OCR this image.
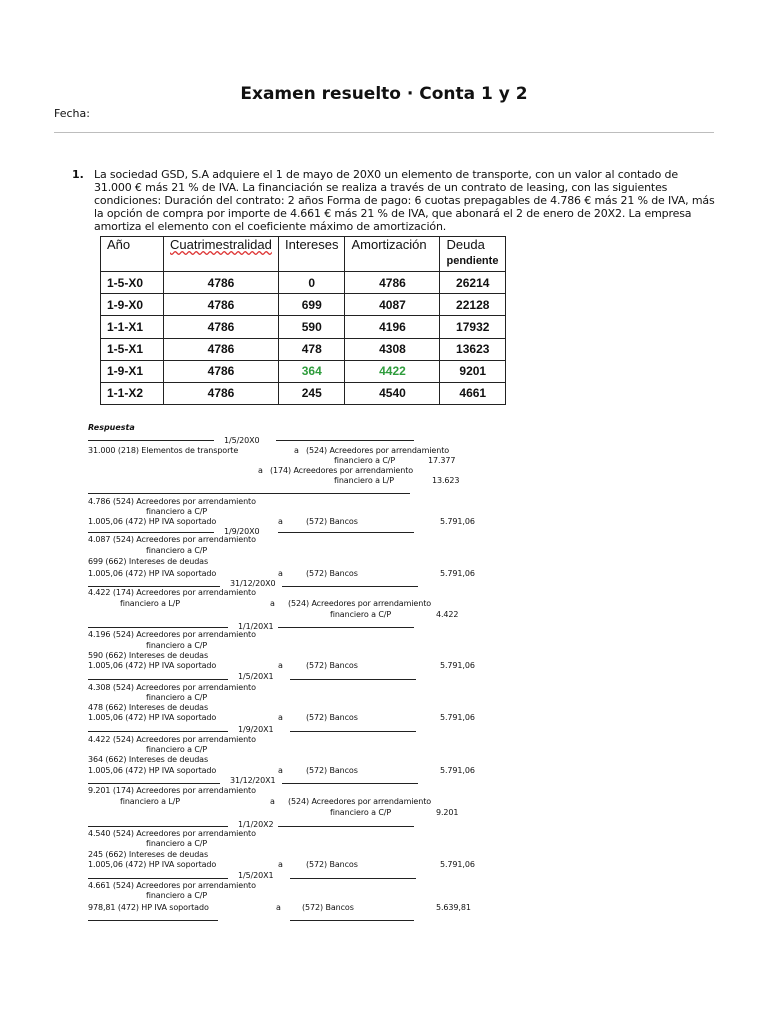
Examen resuelto · Conta 1 y 2
Fecha:
1. La sociedad GSD, S.A adquiere el 1 de mayo de 20X0 un elemento de transporte, con un valor al contado de
31.000 € más 21 % de IVA. La financiación se realiza a través de un contrato de leasing, con las siguientes
condiciones: Duración del contrato: 2 años Forma de pago: 6 cuotas prepagables de 4.786 € más 21 % de IVA, más
la opción de compra por importe de 4.661 € más 21 % de IVA, que abonará el 2 de enero de 20X2. La empresa
amortiza el elemento con el coeficiente máximo de amortización.
Año	Cuatrimestralidad	Intereses	Amortización	Deuda
pendiente
1-5-X0	4786	0	4786	26214
1-9-X0	4786	699	4087	22128
1-1-X1	4786	590	4196	17932
1-5-X1	4786	478	4308	13623
1-9-X1	4786	364	4422	9201
1-1-X2	4786	245	4540	4661
Respuesta
1/5/20X0
31.000 (218) Elementos de transporte	a (524) Acreedores por arrendamiento
financiero a C/P	17.377
a (174) Acreedores por arrendamiento
financiero a L/P	13.623
4.786 (524) Acreedores por arrendamiento
financiero a C/P
1.005,06 (472) HP IVA soportado	a	(572) Bancos	5.791,06
1/9/20X0
4.087 (524) Acreedores por arrendamiento
financiero a C/P
699 (662) Intereses de deudas
1.005,06 (472) HP IVA soportado	a	(572) Bancos	5.791,06
31/12/20X0
4.422 (174) Acreedores por arrendamiento
financiero a L/P	a (524) Acreedores por arrendamiento
financiero a C/P	4.422
1/1/20X1
4.196 (524) Acreedores por arrendamiento
financiero a C/P
590 (662) Intereses de deudas
1.005,06 (472) HP IVA soportado	a	(572) Bancos	5.791,06
1/5/20X1
4.308 (524) Acreedores por arrendamiento
financiero a C/P
478 (662) Intereses de deudas
1.005,06 (472) HP IVA soportado	a	(572) Bancos	5.791,06
1/9/20X1
4.422 (524) Acreedores por arrendamiento
financiero a C/P
364 (662) Intereses de deudas
1.005,06 (472) HP IVA soportado	a	(572) Bancos	5.791,06
31/12/20X1
9.201 (174) Acreedores por arrendamiento
financiero a L/P	a (524) Acreedores por arrendamiento
financiero a C/P	9.201
1/1/20X2
4.540 (524) Acreedores por arrendamiento
financiero a C/P
245 (662) Intereses de deudas
1.005,06 (472) HP IVA soportado	a	(572) Bancos	5.791,06
1/5/20X1
4.661 (524) Acreedores por arrendamiento
financiero a C/P
978,81 (472) HP IVA soportado	a	(572) Bancos	5.639,81
